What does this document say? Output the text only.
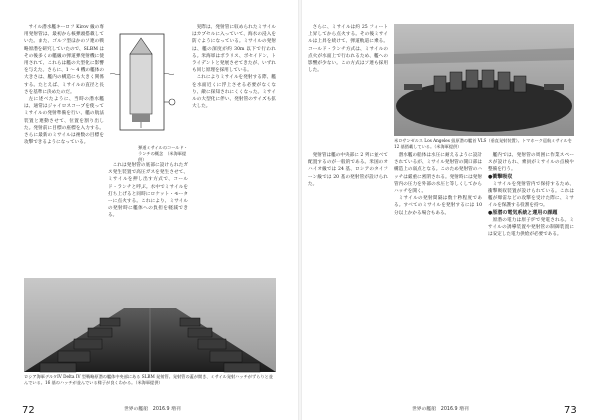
サイル潜水艦キーロフ Kirov 級の専用発射管は、最初から核弾頭搭載していた。また、ゴルフ型ほかのソ連の戦略原潜を研究していたので、SLBM はその後多くの艦級の弾道弾発射機に使用されて、これらは艦の大型化に影響を与えた。さらに、1 ～ 4 機の艦体の大きさは、艦内の構造にも大きく関係する。たとえば、ミサイルの直径と長さを基準に決めたのだ。

左に述べたように、当時の潜水艦は、通常はジャイロスコープを使ってミサイルの発射準備を行い、艦の航法装置と連動させて、位置を割り出した。発射前に目標の座標を入力する。さらに最新のミサイルは複数の目標を攻撃できるようになっている。

弾道ミサイルのコールド・ランチの概念　（米海軍提供）

これは発射管の底部に設けられたガス発生装置で高圧ガスを発生させて、ミサイルを押し出す方式で、コールド・ランチと呼ぶ。水中でミサイルを打ち上げると同時にロケット・モーターに点火する。これにより、ミサイルの発射時に艦体への負担を軽減できる。

実際は、発射管に収められたミサイルはカプセルに入っていて、海水の浸入を防ぐようになっている。ミサイルの発射は、艦の深度が約 30m 以下で行われる。米海軍はポラリス、ポセイドン、トライデントと発展させてきたが、いずれも同じ原理を採用している。

これによりミサイルを発射する際、艦を水面近くに浮上させる必要がなくなり、敵に探知されにくくなった。ミサイルの大型化に伴い、発射管のサイズも拡大した。

ロシア海軍デルタIV Delta IV 型戦略原潜の艦体中央部にある SLBM 発射管。発射管の蓋が開き、ミサイル発射ハッチがずらりと並んでいる。16 基のハッチが並んでいる様子が良くわかる。（米海軍提供）
72	世界の艦船　2016.9 増刊

さらに、ミサイルは約 25 フィート上昇してから点火する。その後ミサイルは上昇を続けて、弾道軌道に乗る。コールド・ランチ方式は、ミサイルの点火が水面上で行われるため、艦への影響が少ない。この方式はソ連も採用した。

米ロサンゼルス Los Angeles 級原潜の艦首 VLS（垂直発射装置）。トマホーク巡航ミサイルを 12 基搭載している。（米海軍提供）

発射管は艦の中央部に 2 列に並べて配置するのが一般的である。米国のオハイオ級では 24 基、ロシアのタイフーン級では 20 基の発射管が設けられた。

潜水艦の船体は水圧に耐えるように設計されているが、ミサイル発射管の開口部は構造上の弱点となる。このため発射管のハッチは厳重に密閉される。発射時には発射管内の圧力を外部の水圧と等しくしてからハッチを開く。

ミサイルの発射間隔は数十秒程度である。すべてのミサイルを発射するには 10 分以上かかる場合もある。

艦内では、発射管の周囲に作業スペースが設けられ、乗員がミサイルの点検や整備を行う。

●衝撃吸収

ミサイルを発射管内で保持するため、衝撃吸収装置が設けられている。これは艦が爆雷などの攻撃を受けた際に、ミサイルを保護する役割を持つ。

●原潜の電気系統と運用の課題

原潜の電力は原子炉で発電される。ミサイルの誘導装置や発射管の制御装置には安定した電力供給が必要である。

世界の艦船　2016.9 増刊	73
